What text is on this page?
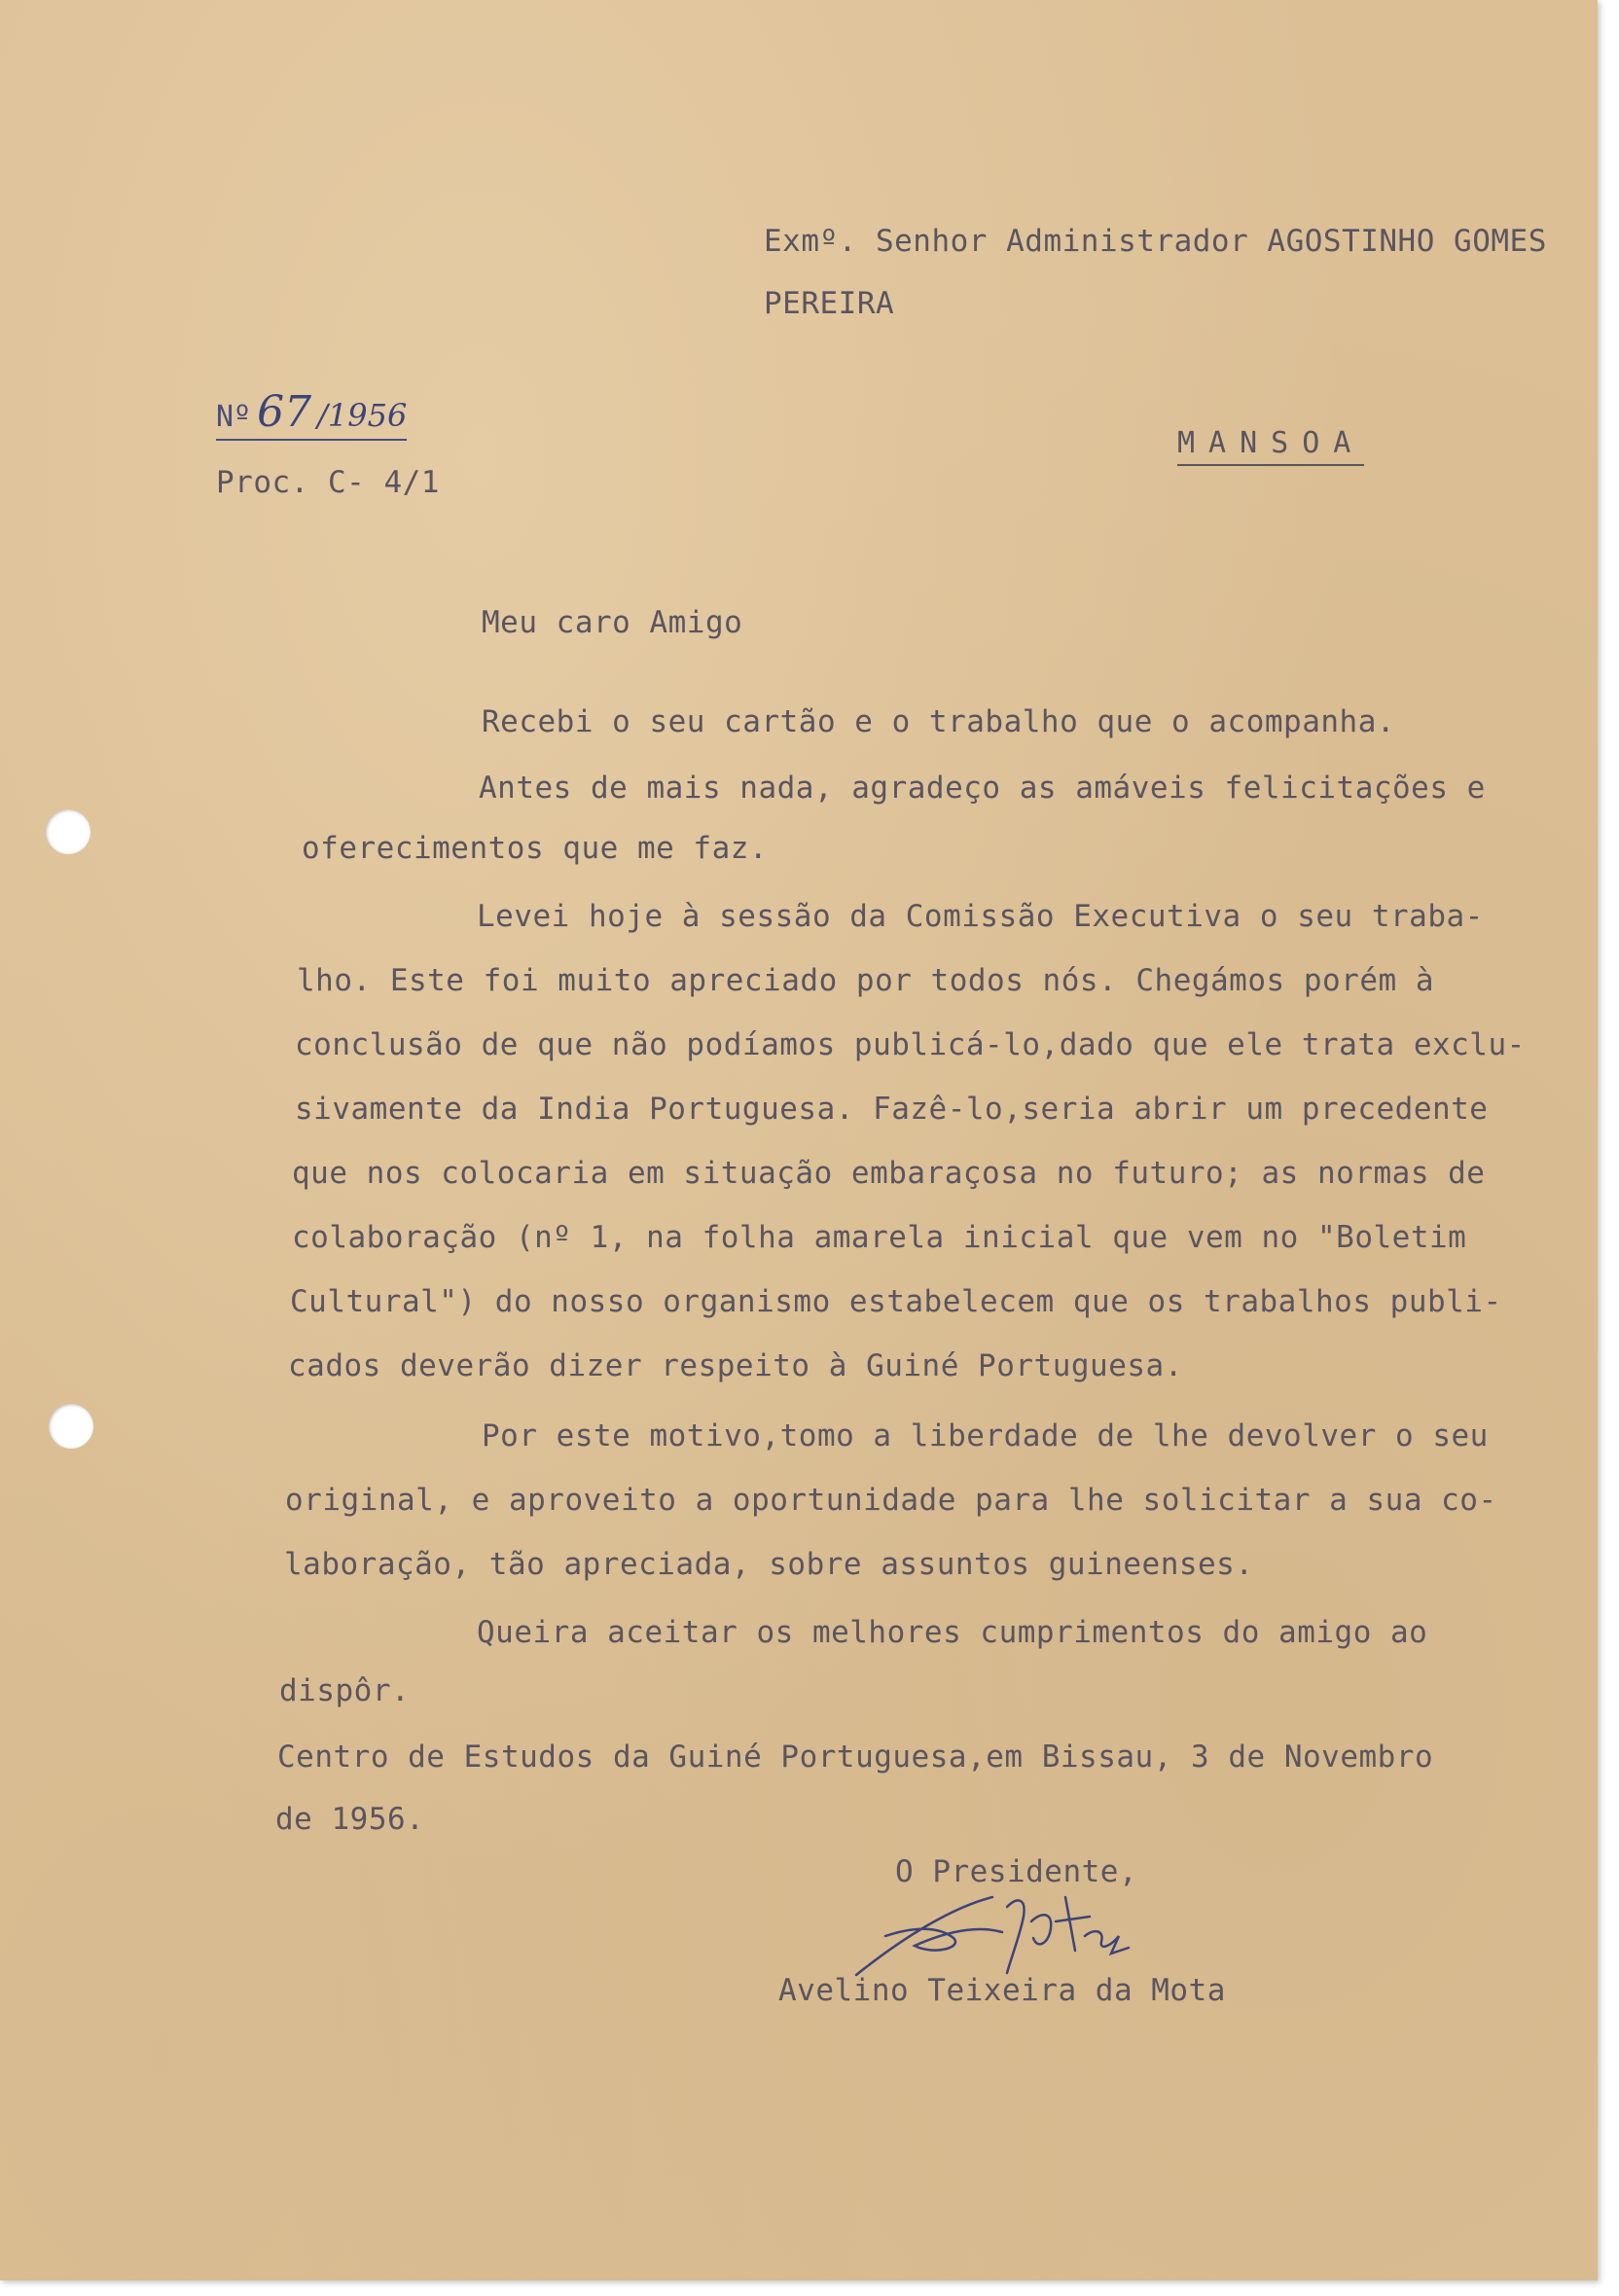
Exmº. Senhor Administrador AGOSTINHO GOMES
PEREIRA
Nº 67 /1956
MANSOA
Proc. C- 4/1
Meu caro Amigo
Recebi o seu cartão e o trabalho que o acompanha.
Antes de mais nada, agradeço as amáveis felicitações e
oferecimentos que me faz.
Levei hoje à sessão da Comissão Executiva o seu traba-
lho. Este foi muito apreciado por todos nós. Chegámos porém à
conclusão de que não podíamos publicá-lo,dado que ele trata exclu-
sivamente da India Portuguesa. Fazê-lo,seria abrir um precedente
que nos colocaria em situação embaraçosa no futuro; as normas de
colaboração (nº 1, na folha amarela inicial que vem no "Boletim
Cultural") do nosso organismo estabelecem que os trabalhos publi-
cados deverão dizer respeito à Guiné Portuguesa.
Por este motivo,tomo a liberdade de lhe devolver o seu
original, e aproveito a oportunidade para lhe solicitar a sua co-
laboração, tão apreciada, sobre assuntos guineenses.
Queira aceitar os melhores cumprimentos do amigo ao
dispôr.
Centro de Estudos da Guiné Portuguesa,em Bissau, 3 de Novembro
de 1956.
O Presidente,
Avelino Teixeira da Mota
